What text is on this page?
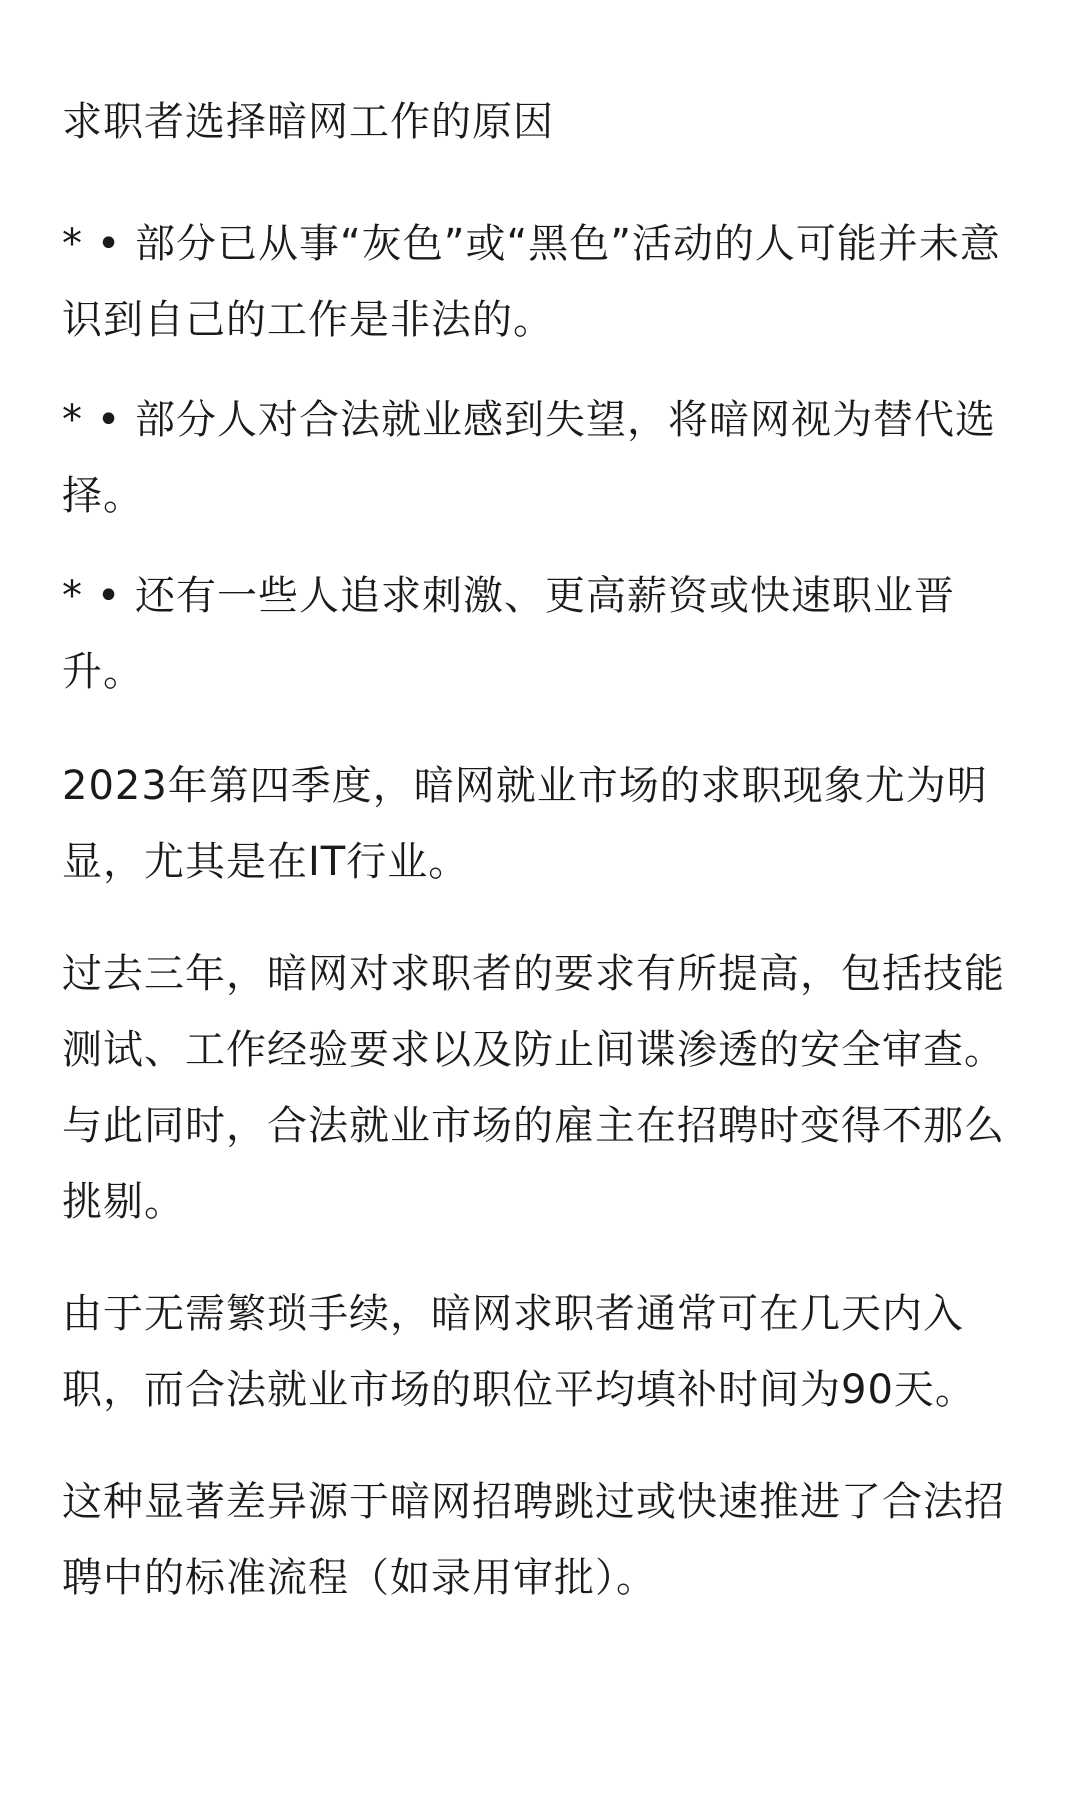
求职者选择暗网工作的原因
* • 部分已从事“灰色”或“黑色”活动的人可能并未意识到自己的工作是非法的。
* • 部分人对合法就业感到失望，将暗网视为替代选择。
* • 还有一些人追求刺激、更高薪资或快速职业晋升。
2023年第四季度，暗网就业市场的求职现象尤为明显，尤其是在IT行业。
过去三年，暗网对求职者的要求有所提高，包括技能测试、工作经验要求以及防止间谍渗透的安全审查。与此同时，合法就业市场的雇主在招聘时变得不那么挑剔。
由于无需繁琐手续，暗网求职者通常可在几天内入职，而合法就业市场的职位平均填补时间为90天。
这种显著差异源于暗网招聘跳过或快速推进了合法招聘中的标准流程（如录用审批）。
